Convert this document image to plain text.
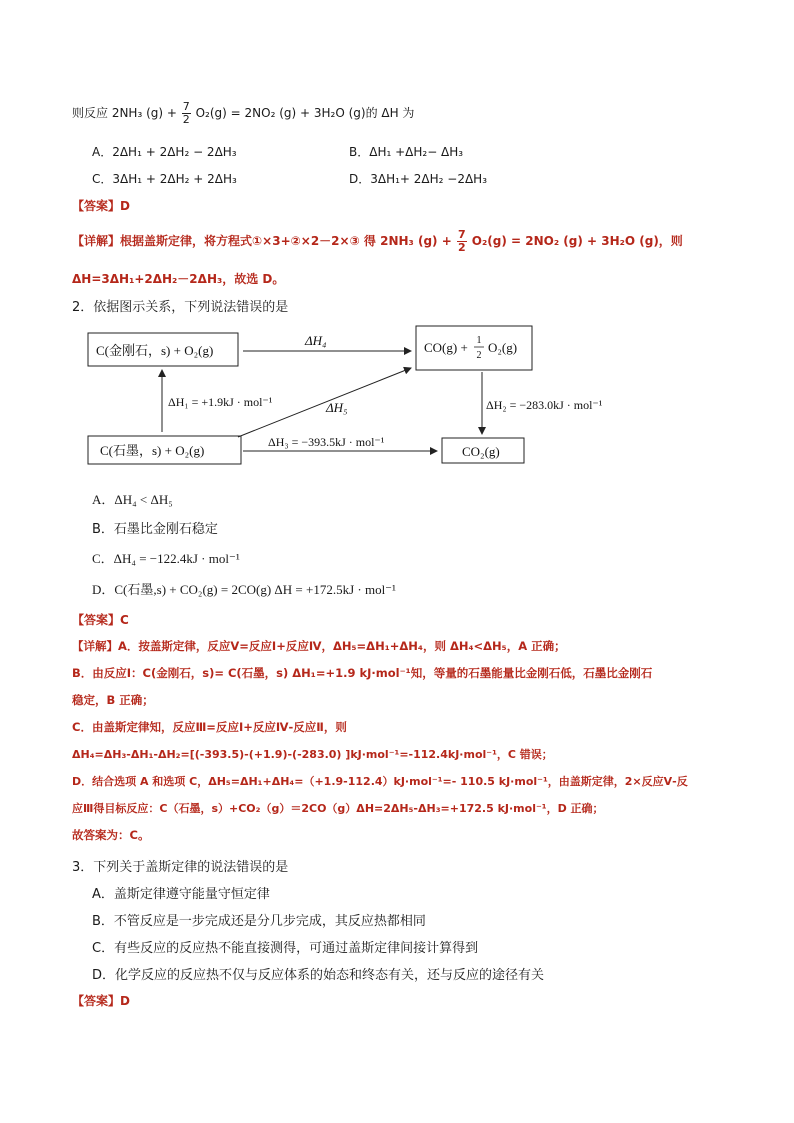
则反应 2NH₃ $(g) + \frac{7}{2} O_2(g) = 2NO_2$ (g) + 3H₂O (g)的 ΔH 为
A．2ΔH₁ + 2ΔH₂ − 2ΔH₃	B．ΔH₁ +ΔH₂− ΔH₃
C．3ΔH₁ + 2ΔH₂ + 2ΔH₃	D．3ΔH₁+ 2ΔH₂ −2ΔH₃
【答案】D
【详解】根据盖斯定律，将方程式①×3+②×2－2×③ 得 2NH₃ $(g) + \frac{7}{2} O_2(g) = 2NO_2$ (g) + 3H₂O (g)，则
ΔH=3ΔH₁+2ΔH₂－2ΔH₃，故选 D。
2．依据图示关系，下列说法错误的是
C(金刚石，s) + O₂(g)	CO(g) + 1
2
O₂(g)
C(石墨，s) + O₂(g)	CO₂(g)
ΔH₄
ΔH₁ = +1.9kJ · mol⁻¹	ΔH₅	ΔH₂ = −283.0kJ · mol⁻¹
ΔH₃ = −393.5kJ · mol⁻¹
A．ΔH₄ < ΔH₅
B．石墨比金刚石稳定
C．ΔH₄ = −122.4kJ · mol⁻¹
D．C(石墨,s) + CO₂(g) = 2CO(g) ΔH = +172.5kJ · mol⁻¹
【答案】C
【详解】A．按盖斯定律，反应Ⅴ=反应Ⅰ+反应Ⅳ，ΔH₅=ΔH₁+ΔH₄，则 ΔH₄<ΔH₅，A 正确；
B．由反应Ⅰ：C(金刚石，s)= C(石墨，s) ΔH₁=+1.9 kJ·mol⁻¹知，等量的石墨能量比金刚石低，石墨比金刚石
稳定，B 正确；
C．由盖斯定律知，反应Ⅲ=反应Ⅰ+反应Ⅳ-反应Ⅱ，则
ΔH₄=ΔH₃-ΔH₁-ΔH₂=[(-393.5)-(+1.9)-(-283.0) ]kJ·mol⁻¹=-112.4kJ·mol⁻¹，C 错误；
D．结合选项 A 和选项 C，ΔH₅=ΔH₁+ΔH₄=（+1.9-112.4）kJ·mol⁻¹=- 110.5 kJ·mol⁻¹，由盖斯定律，2×反应Ⅴ-反
应Ⅲ得目标反应：C（石墨，s）+CO₂（g）＝2CO（g）ΔH=2ΔH₅-ΔH₃=+172.5 kJ·mol⁻¹，D 正确；
故答案为：C。
3．下列关于盖斯定律的说法错误的是
A．盖斯定律遵守能量守恒定律
B．不管反应是一步完成还是分几步完成，其反应热都相同
C．有些反应的反应热不能直接测得，可通过盖斯定律间接计算得到
D．化学反应的反应热不仅与反应体系的始态和终态有关，还与反应的途径有关
【答案】D
